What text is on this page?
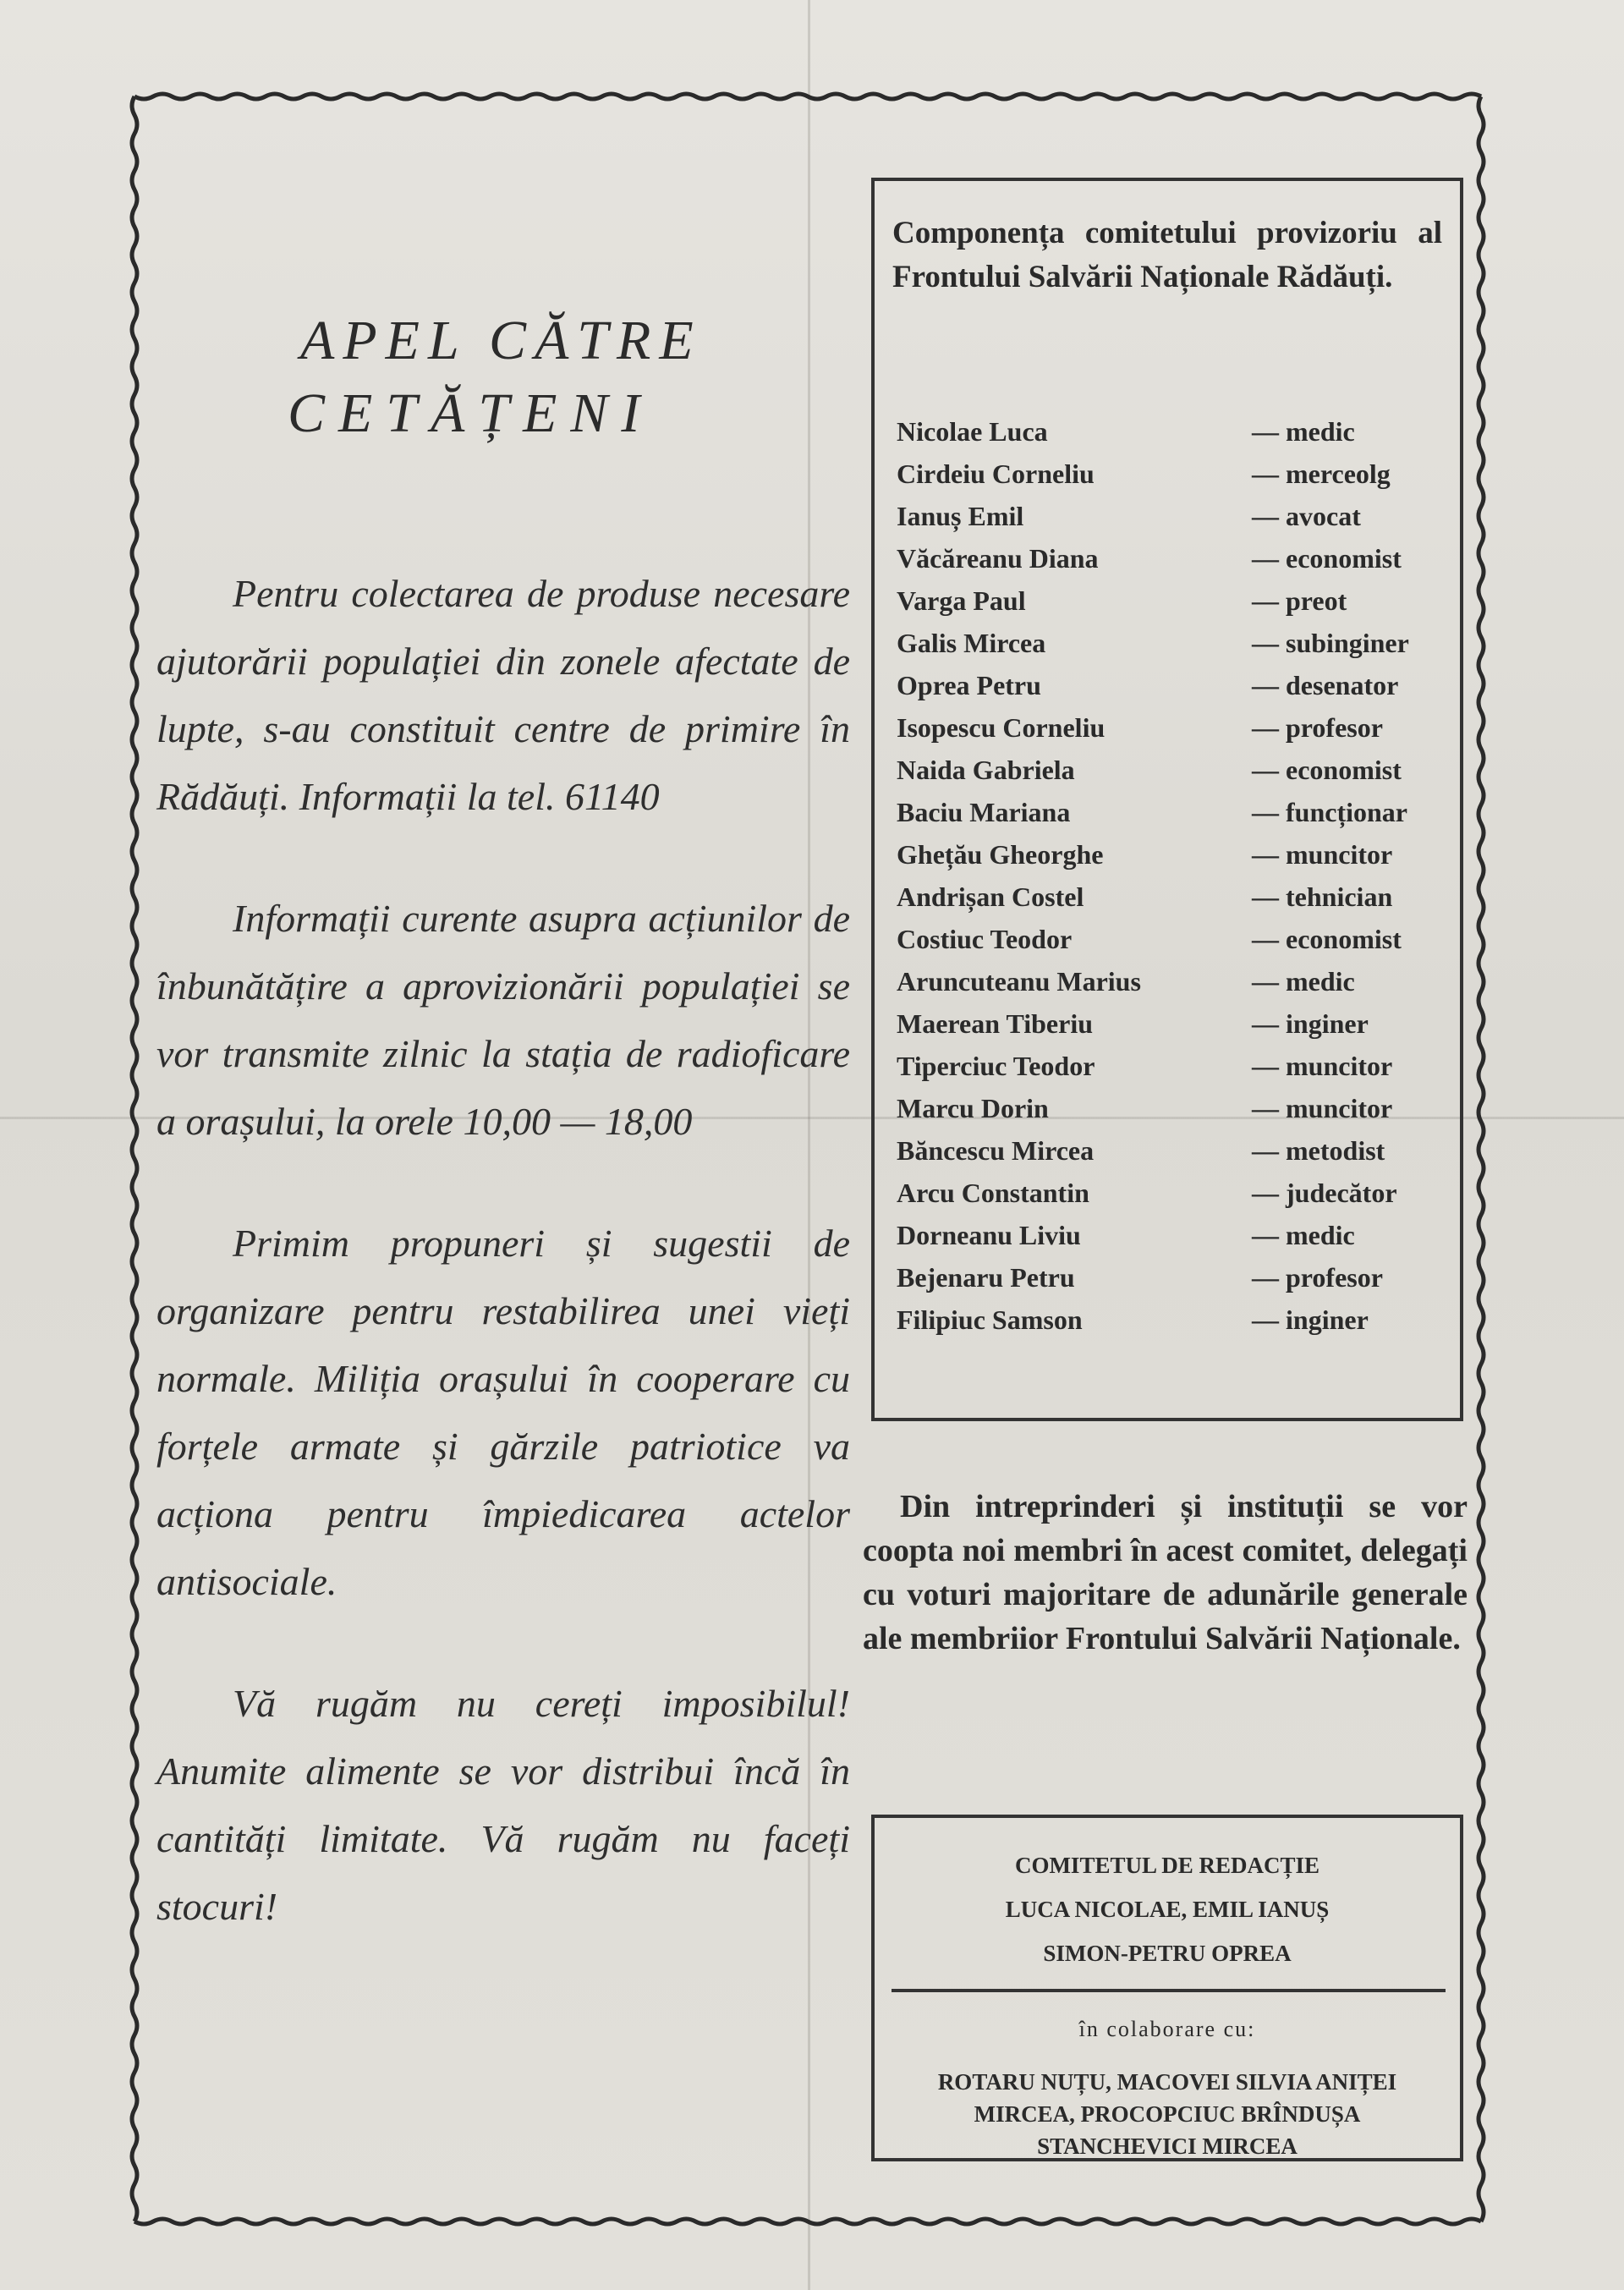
APEL CĂTRE
CETĂȚENI

Pentru colectarea de produse necesare ajutorării populației din zonele afectate de lupte, s-au constituit centre de primire în Rădăuți. Informații la tel. 61140

Informații curente asupra acțiunilor de înbunătățire a aprovizionării populației se vor transmite zilnic la stația de radioficare a orașului, la orele 10,00 — 18,00

Primim propuneri și sugestii de organizare pentru restabilirea unei vieți normale. Miliția orașului în cooperare cu forțele armate și gărzile patriotice va acționa pentru împiedicarea actelor antisociale.

Vă rugăm nu cereți imposibilul! Anumite alimente se vor distribui încă în cantități limitate. Vă rugăm nu faceți stocuri!

Componența comitetului provizoriu al Frontului Salvării Naționale Rădăuți.
Nicolae Luca	— medic
Cirdeiu Corneliu	— merceolg
Ianuș Emil	— avocat
Văcăreanu Diana	— economist
Varga Paul	— preot
Galis Mircea	— subinginer
Oprea Petru	— desenator
Isopescu Corneliu	— profesor
Naida Gabriela	— economist
Baciu Mariana	— funcționar
Ghețău Gheorghe	— muncitor
Andrișan Costel	— tehnician
Costiuc Teodor	— economist
Aruncuteanu Marius	— medic
Maerean Tiberiu	— inginer
Tiperciuc Teodor	— muncitor
Marcu Dorin	— muncitor
Băncescu Mircea	— metodist
Arcu Constantin	— judecător
Dorneanu Liviu	— medic
Bejenaru Petru	— profesor
Filipiuc Samson	— inginer
Din intreprinderi și instituții se vor coopta noi membri în acest comitet, delegați cu voturi majoritare de adunările generale ale membriior Frontului Salvării Naționale.
COMITETUL DE REDACȚIE
LUCA NICOLAE, EMIL IANUȘ
SIMON-PETRU OPREA
în colaborare cu:
ROTARU NUȚU, MACOVEI SILVIA ANIȚEI
MIRCEA, PROCOPCIUC BRÎNDUȘA
STANCHEVICI MIRCEA
